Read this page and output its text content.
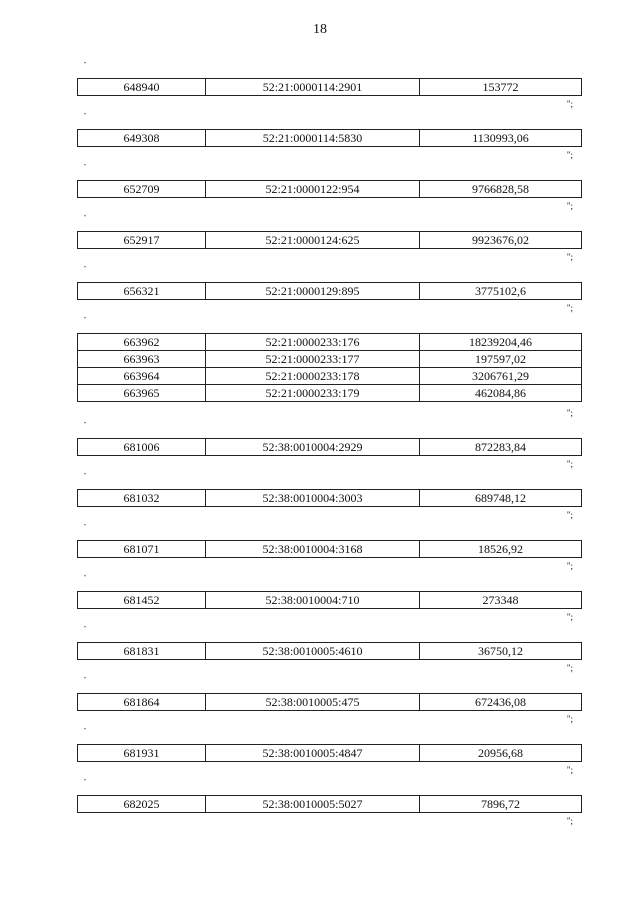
18
"
648940	52:21:0000114:2901	153772
";
"
649308	52:21:0000114:5830	1130993,06
";
"
652709	52:21:0000122:954	9766828,58
";
"
652917	52:21:0000124:625	9923676,02
";
"
656321	52:21:0000129:895	3775102,6
";
"
663962	52:21:0000233:176	18239204,46
663963	52:21:0000233:177	197597,02
663964	52:21:0000233:178	3206761,29
663965	52:21:0000233:179	462084,86
";
"
681006	52:38:0010004:2929	872283,84
";
"
681032	52:38:0010004:3003	689748,12
";
"
681071	52:38:0010004:3168	18526,92
";
"
681452	52:38:0010004:710	273348
";
"
681831	52:38:0010005:4610	36750,12
";
"
681864	52:38:0010005:475	672436,08
";
"
681931	52:38:0010005:4847	20956,68
";
"
682025	52:38:0010005:5027	7896,72
";
